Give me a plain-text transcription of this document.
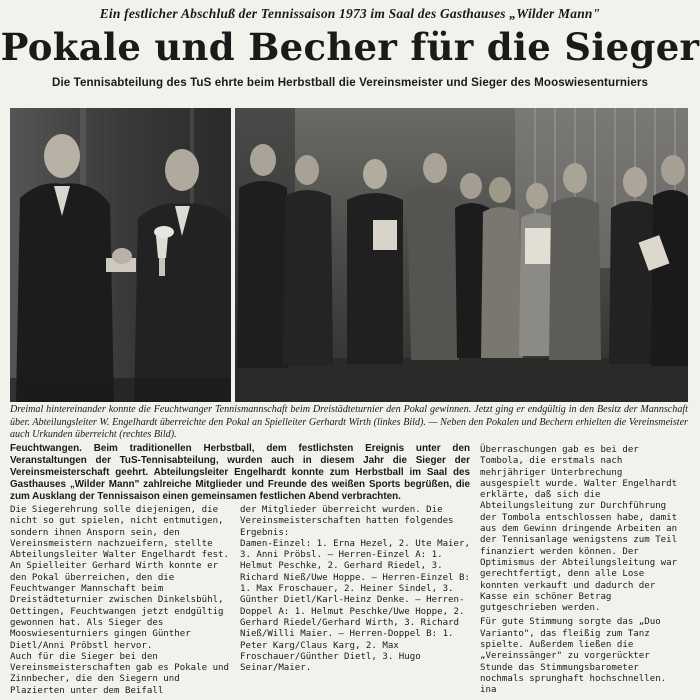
Ein festlicher Abschluß der Tennissaison 1973 im Saal des Gasthauses „Wilder Mann"
Pokale und Becher für die Sieger
Die Tennisabteilung des TuS ehrte beim Herbstball die Vereinsmeister und Sieger des Mooswiesenturniers

Dreimal hintereinander konnte die Feuchtwanger Tennismannschaft beim Dreistädteturnier den Pokal gewinnen. Jetzt ging er endgültig in den Besitz der Mannschaft über. Abteilungsleiter W. Engelhardt überreichte den Pokal an Spielleiter Gerhardt Wirth (linkes Bild). — Neben den Pokalen und Bechern erhielten die Vereinsmeister auch Urkunden überreicht (rechtes Bild).

Feuchtwangen. Beim traditionellen Herbstball, dem festlichsten Ereignis unter den Veranstaltungen der TuS-Tennisabteilung, wurden auch in diesem Jahr die Sieger der Vereinsmeisterschaft geehrt. Abteilungsleiter Engelhardt konnte zum Herbstball im Saal des Gasthauses „Wilder Mann" zahlreiche Mitglieder und Freunde des weißen Sports begrüßen, die zum Ausklang der Tennissaison einen gemeinsamen festlichen Abend verbrachten.

Die Siegerehrung solle diejenigen, die nicht so gut spielen, nicht entmutigen, sondern ihnen Ansporn sein, den Vereinsmeistern nachzueifern, stellte Abteilungsleiter Walter Engelhardt fest. An Spielleiter Gerhard Wirth konnte er den Pokal überreichen, den die Feuchtwanger Mannschaft beim Dreistädteturnier zwischen Dinkelsbühl, Oettingen, Feuchtwangen jetzt endgültig gewonnen hat. Als Sieger des Mooswiesenturniers gingen Günther Dietl/Anni Pröbstl hervor.

Auch für die Sieger bei den Vereinsmeisterschaften gab es Pokale und Zinnbecher, die den Siegern und Plazierten unter dem Beifall

der Mitglieder überreicht wurden. Die Vereinsmeisterschaften hatten folgendes Ergebnis:

Damen-Einzel: 1. Erna Hezel, 2. Ute Maier, 3. Anni Pröbsl. — Herren-Einzel A: 1. Helmut Peschke, 2. Gerhard Riedel, 3. Richard Nieß/Uwe Hoppe. — Herren-Einzel B: 1. Max Froschauer, 2. Heiner Sindel, 3. Günther Dietl/Karl-Heinz Denke. — Herren-Doppel A: 1. Helmut Peschke/Uwe Hoppe, 2. Gerhard Riedel/Gerhard Wirth, 3. Richard Nieß/Willi Maier. — Herren-Doppel B: 1. Peter Karg/Claus Karg, 2. Max Froschauer/Günther Dietl, 3. Hugo Seinar/Maier.

Überraschungen gab es bei der Tombola, die erstmals nach mehrjähriger Unterbrechung ausgespielt wurde. Walter Engelhardt erklärte, daß sich die Abteilungsleitung zur Durchführung der Tombola entschlossen habe, damit aus dem Gewinn dringende Arbeiten an der Tennisanlage wenigstens zum Teil finanziert werden können. Der Optimismus der Abteilungsleitung war gerechtfertigt, denn alle Lose konnten verkauft und dadurch der Kasse ein schöner Betrag gutgeschrieben werden.

Für gute Stimmung sorgte das „Duo Varianto", das fleißig zum Tanz spielte. Außerdem ließen die „Vereinssänger" zu vorgerückter Stunde das Stimmungsbarometer nochmals sprunghaft hochschnellen. ina
